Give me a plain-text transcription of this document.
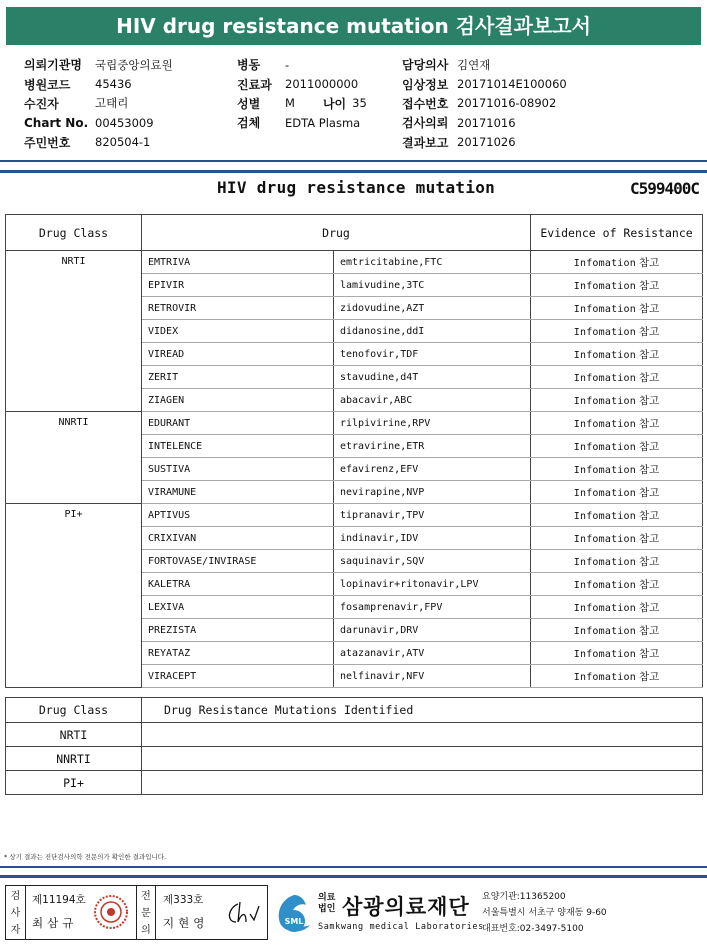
HIV drug resistance mutation 검사결과보고서
의뢰기관명	국립중앙의료원
병원코드	45436
수진자	고태리
Chart No. 00453009
주민번호	820504-1
병동	-
진료과	2011000000
성별	M 나이 35
검체	EDTA Plasma
담당의사 김연재
임상정보 20171014E100060
접수번호 20171016-08902
검사의뢰 20171016
결과보고 20171026
HIV drug resistance mutation	C599400C
Drug Class	Drug		Evidence of Resistance
NRTI	EMTRIVA	emtricitabine,FTC	Infomation 참고
	EPIVIR	lamivudine,3TC	Infomation 참고
	RETROVIR	zidovudine,AZT	Infomation 참고
	VIDEX	didanosine,ddI	Infomation 참고
	VIREAD	tenofovir,TDF	Infomation 참고
	ZERIT	stavudine,d4T	Infomation 참고
	ZIAGEN	abacavir,ABC	Infomation 참고
NNRTI	EDURANT	rilpivirine,RPV	Infomation 참고
	INTELENCE	etravirine,ETR	Infomation 참고
	SUSTIVA	efavirenz,EFV	Infomation 참고
	VIRAMUNE	nevirapine,NVP	Infomation 참고
PI+	APTIVUS	tipranavir,TPV	Infomation 참고
	CRIXIVAN	indinavir,IDV	Infomation 참고
	FORTOVASE/INVIRASE	saquinavir,SQV	Infomation 참고
	KALETRA	lopinavir+ritonavir,LPV	Infomation 참고
	LEXIVA	fosamprenavir,FPV	Infomation 참고
	PREZISTA	darunavir,DRV	Infomation 참고
	REYATAZ	atazanavir,ATV	Infomation 참고
	VIRACEPT	nelfinavir,NFV	Infomation 참고
Drug Class	Drug Resistance Mutations Identified
NRTI	
NNRTI	
PI+	
* 상기 결과는 진단검사의학 전문의가 확인한 결과입니다.
검
사
자
제11194호
최삼규
전
문
의
제333호
지현영	SML
의료
법인 삼광의료재단
Samkwang medical Laboratories
요양기관:11365200
서울특별시 서초구 양재동 9-60
대표번호:02-3497-5100
